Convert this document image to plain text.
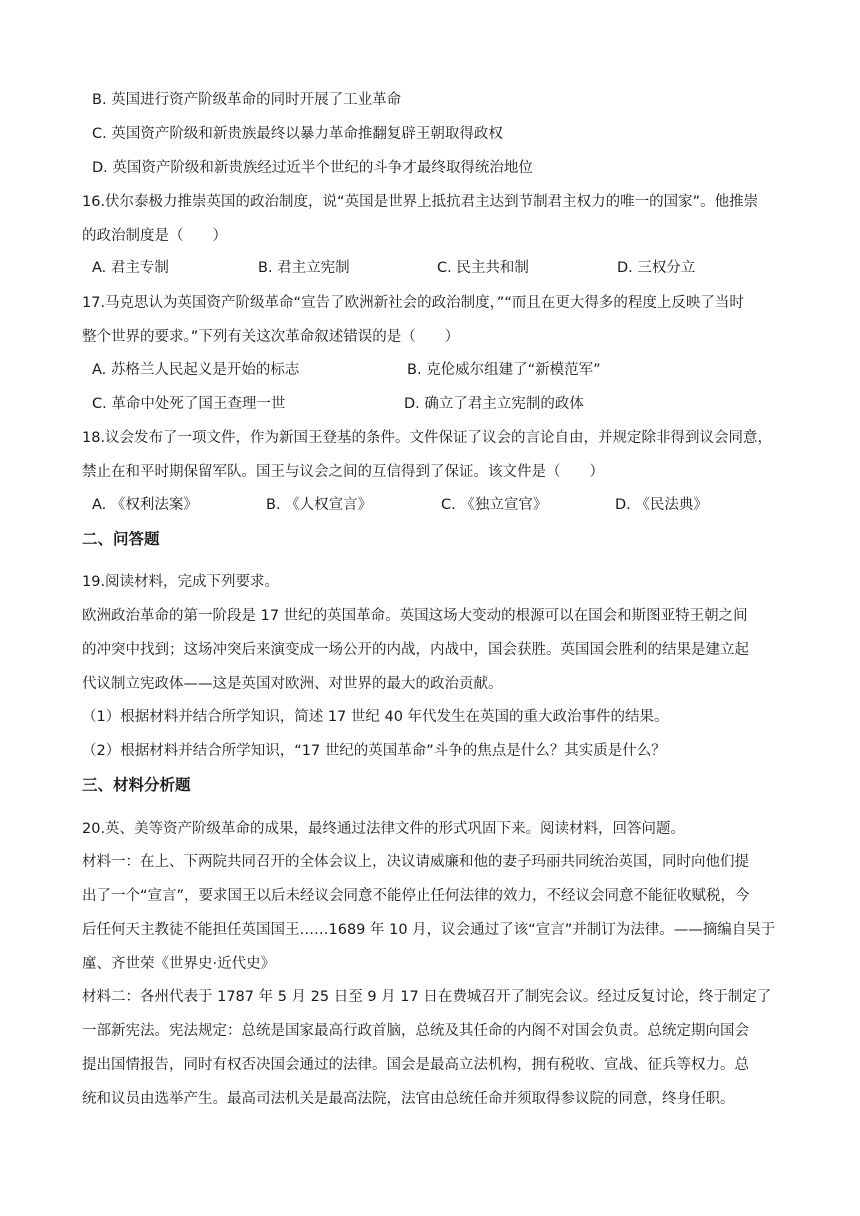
B. 英国进行资产阶级革命的同时开展了工业革命
C. 英国资产阶级和新贵族最终以暴力革命推翻复辟王朝取得政权
D. 英国资产阶级和新贵族经过近半个世纪的斗争才最终取得统治地位
16.伏尔泰极力推崇英国的政治制度，说“英国是世界上抵抗君主达到节制君主权力的唯一的国家”。他推崇
的政治制度是（　　）
A. 君主专制	B. 君主立宪制	C. 民主共和制	D. 三权分立
17.马克思认为英国资产阶级革命“宣告了欧洲新社会的政治制度，”“而且在更大得多的程度上反映了当时
整个世界的要求。”下列有关这次革命叙述错误的是（　　）
A. 苏格兰人民起义是开始的标志	B. 克伦威尔组建了“新模范军”
C. 革命中处死了国王查理一世	D. 确立了君主立宪制的政体
18.议会发布了一项文件，作为新国王登基的条件。文件保证了议会的言论自由，并规定除非得到议会同意，
禁止在和平时期保留军队。国王与议会之间的互信得到了保证。该文件是（　　）
A. 《权利法案》	B. 《人权宣言》	C. 《独立宣官》	D. 《民法典》
二、问答题
19.阅读材料，完成下列要求。
欧洲政治革命的第一阶段是 17 世纪的英国革命。英国这场大变动的根源可以在国会和斯图亚特王朝之间
的冲突中找到；这场冲突后来演变成一场公开的内战，内战中，国会获胜。英国国会胜利的结果是建立起
代议制立宪政体——这是英国对欧洲、对世界的最大的政治贡献。
（1）根据材料并结合所学知识，简述 17 世纪 40 年代发生在英国的重大政治事件的结果。
（2）根据材料并结合所学知识，“17 世纪的英国革命”斗争的焦点是什么？其实质是什么？
三、材料分析题
20.英、美等资产阶级革命的成果，最终通过法律文件的形式巩固下来。阅读材料，回答问题。
材料一：在上、下两院共同召开的全体会议上，决议请威廉和他的妻子玛丽共同统治英国，同时向他们提
出了一个“宣言”，要求国王以后未经议会同意不能停止任何法律的效力，不经议会同意不能征收赋税，今
后任何天主教徒不能担任英国国王……1689 年 10 月，议会通过了该“宣言”并制订为法律。——摘编自吴于
廑、齐世荣《世界史·近代史》
材料二：各州代表于 1787 年 5 月 25 日至 9 月 17 日在费城召开了制宪会议。经过反复讨论，终于制定了
一部新宪法。宪法规定：总统是国家最高行政首脑，总统及其任命的内阁不对国会负责。总统定期向国会
提出国情报告，同时有权否决国会通过的法律。国会是最高立法机构，拥有税收、宣战、征兵等权力。总
统和议员由选举产生。最高司法机关是最高法院，法官由总统任命并须取得参议院的同意，终身任职。
